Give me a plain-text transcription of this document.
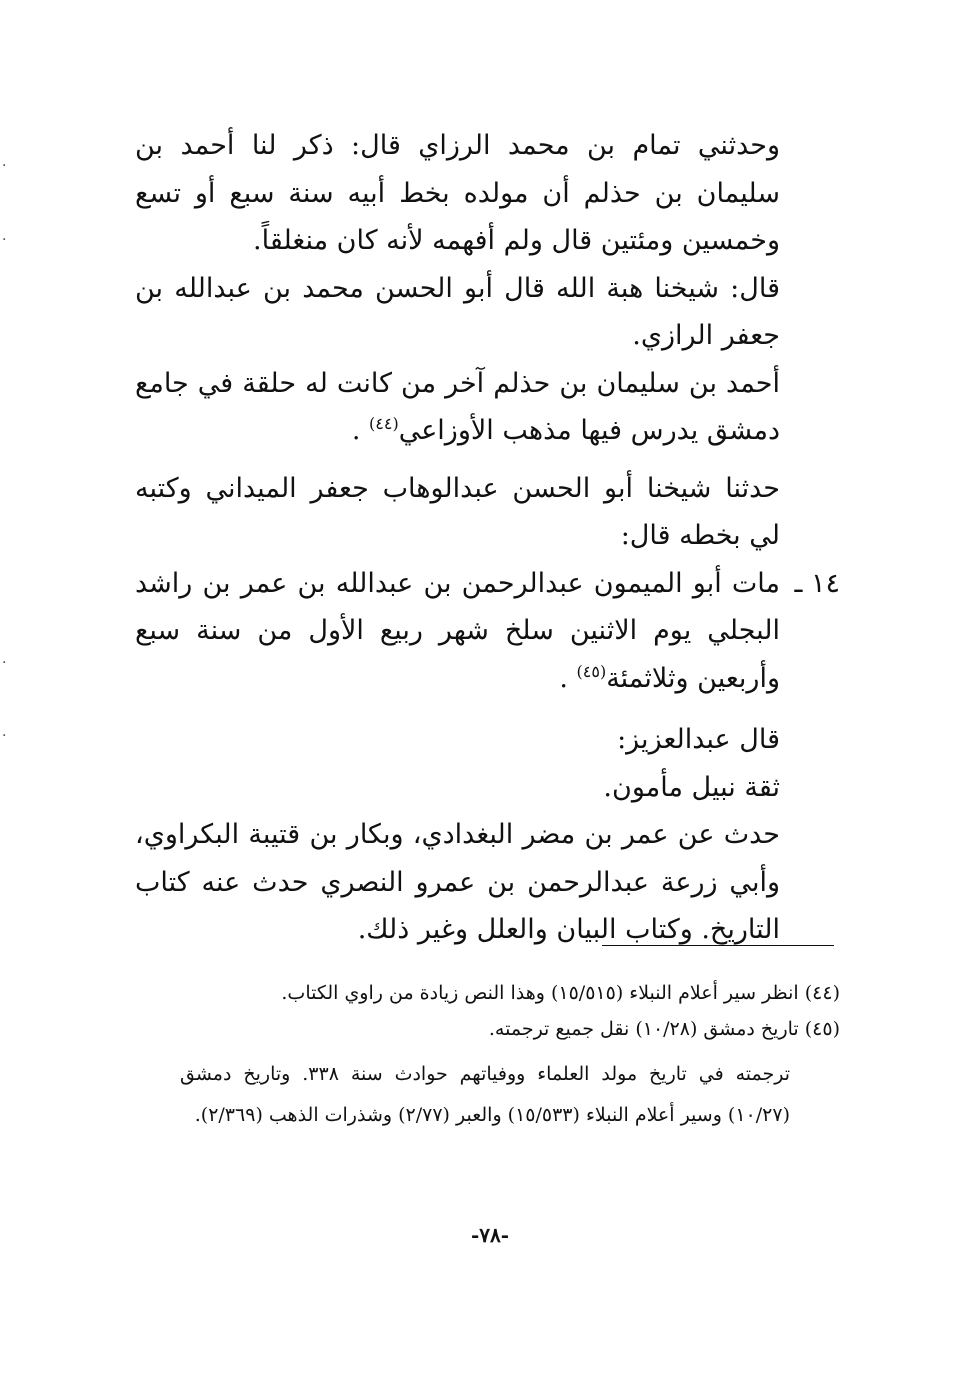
وحدثني تمام بن محمد الرزاي قال: ذكر لنا أحمد بن سليمان بن حذلم أن مولده بخط أبيه سنة سبع أو تسع وخمسين ومئتين قال ولم أفهمه لأنه كان منغلقاً.

قال: شيخنا هبة الله قال أبو الحسن محمد بن عبدالله بن جعفر الرازي.

أحمد بن سليمان بن حذلم آخر من كانت له حلقة في جامع دمشق يدرس فيها مذهب الأوزاعي$^{(٤٤)}$ .

حدثنا شيخنا أبو الحسن عبدالوهاب جعفر الميداني وكتبه لي بخطه قال:

١٤ ـ

مات أبو الميمون عبدالرحمن بن عبدالله بن عمر بن راشد البجلي يوم الاثنين سلخ شهر ربيع الأول من سنة سبع وأربعين وثلاثمئة$^{(٤٥)}$ .

قال عبدالعزيز:

ثقة نبيل مأمون.

حدث عن عمر بن مضر البغدادي، وبكار بن قتيبة البكراوي، وأبي زرعة عبدالرحمن بن عمرو النصري حدث عنه كتاب التاريخ. وكتاب البيان والعلل وغير ذلك.

(٤٤) انظر سير أعلام النبلاء (١٥/٥١٥) وهذا النص زيادة من راوي الكتاب.

(٤٥) تاريخ دمشق (١٠/٢٨) نقل جميع ترجمته.

ترجمته في تاريخ مولد العلماء ووفياتهم حوادث سنة ٣٣٨. وتاريخ دمشق (١٠/٢٧) وسير أعلام النبلاء (١٥/٥٣٣) والعبر (٢/٧٧) وشذرات الذهب (٢/٣٦٩).

-٧٨-
·
·
·
·
